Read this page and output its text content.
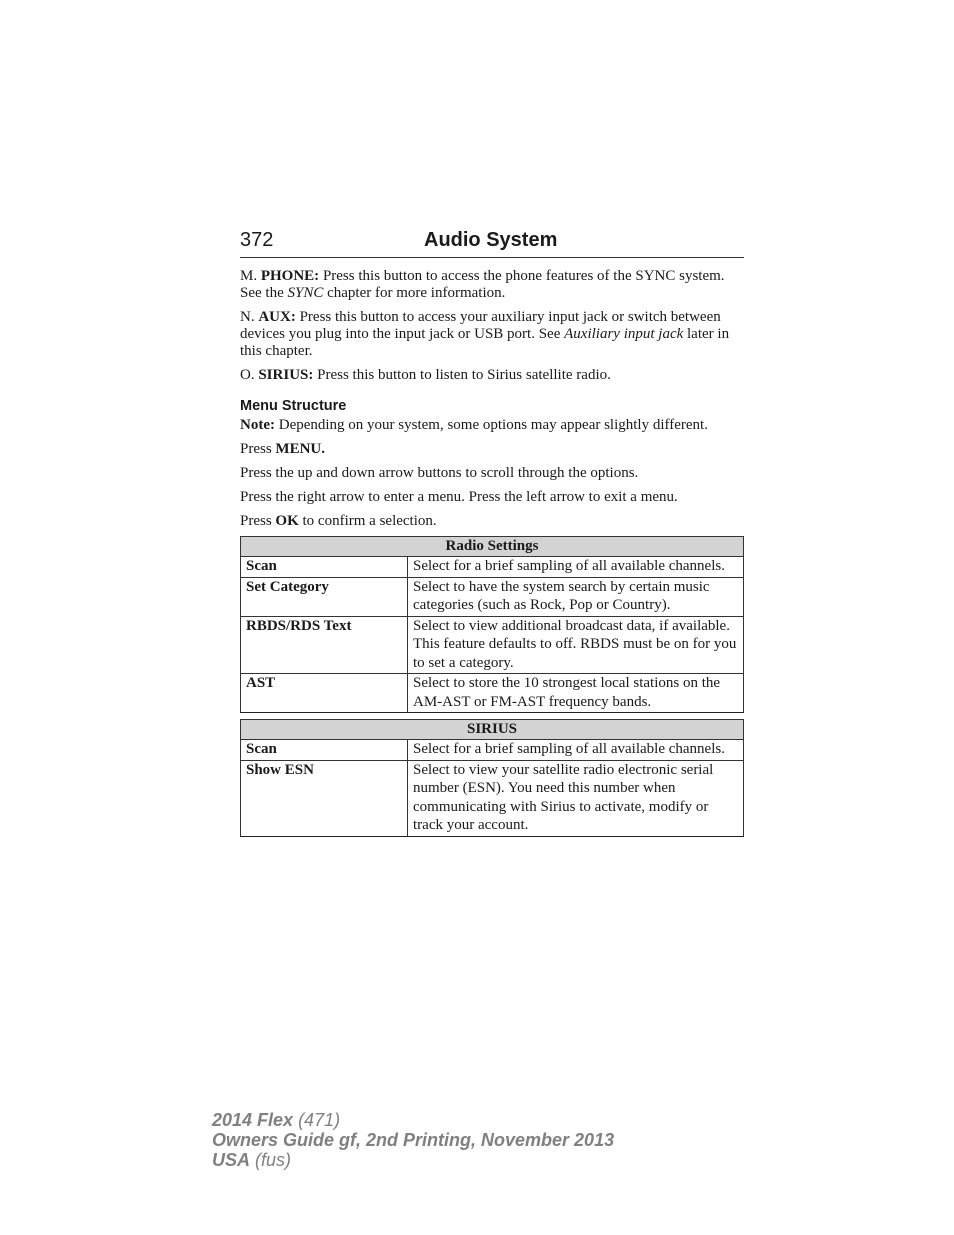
372	Audio System

M. PHONE: Press this button to access the phone features of the SYNC system. See the SYNC chapter for more information.

N. AUX: Press this button to access your auxiliary input jack or switch between devices you plug into the input jack or USB port. See Auxiliary input jack later in this chapter.

O. SIRIUS: Press this button to listen to Sirius satellite radio.

Menu Structure

Note: Depending on your system, some options may appear slightly different.

Press MENU.

Press the up and down arrow buttons to scroll through the options.

Press the right arrow to enter a menu. Press the left arrow to exit a menu.

Press OK to confirm a selection.

Radio Settings	
Scan	Select for a brief sampling of all available channels.
Set Category	Select to have the system search by certain music categories (such as Rock, Pop or Country).
RBDS/RDS Text	Select to view additional broadcast data, if available. This feature defaults to off. RBDS must be on for you to set a category.
AST	Select to store the 10 strongest local stations on the AM-AST or FM-AST frequency bands.
SIRIUS	
Scan	Select for a brief sampling of all available channels.
Show ESN	Select to view your satellite radio electronic serial number (ESN). You need this number when communicating with Sirius to activate, modify or track your account.
2014 Flex (471)
Owners Guide gf, 2nd Printing, November 2013
USA (fus)
